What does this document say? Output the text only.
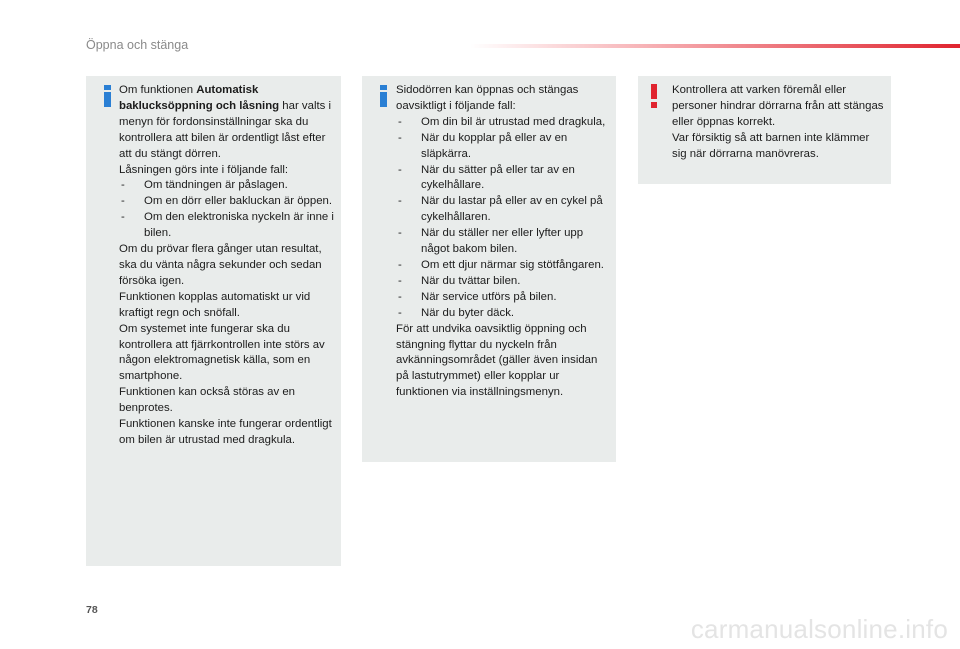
Öppna och stänga

Om funktionen Automatisk baklucksöppning och låsning har valts i menyn för fordonsinställningar ska du kontrollera att bilen är ordentligt låst efter att du stängt dörren.

Låsningen görs inte i följande fall:

- Om tändningen är påslagen.
- Om en dörr eller bakluckan är öppen.
- Om den elektroniska nyckeln är inne i bilen.

Om du prövar flera gånger utan resultat, ska du vänta några sekunder och sedan försöka igen.

Funktionen kopplas automatiskt ur vid kraftigt regn och snöfall.

Om systemet inte fungerar ska du kontrollera att fjärrkontrollen inte störs av någon elektromagnetisk källa, som en smartphone.

Funktionen kan också störas av en benprotes.

Funktionen kanske inte fungerar ordentligt om bilen är utrustad med dragkula.

Sidodörren kan öppnas och stängas oavsiktligt i följande fall:

- Om din bil är utrustad med dragkula,
- När du kopplar på eller av en släpkärra.
- När du sätter på eller tar av en cykelhållare.
- När du lastar på eller av en cykel på cykelhållaren.
- När du ställer ner eller lyfter upp något bakom bilen.
- Om ett djur närmar sig stötfångaren.
- När du tvättar bilen.
- När service utförs på bilen.
- När du byter däck.

För att undvika oavsiktlig öppning och stängning flyttar du nyckeln från avkänningsområdet (gäller även insidan på lastutrymmet) eller kopplar ur funktionen via inställningsmenyn.

Kontrollera att varken föremål eller personer hindrar dörrarna från att stängas eller öppnas korrekt.

Var försiktig så att barnen inte klämmer sig när dörrarna manövreras.

78
carmanualsonline.info
